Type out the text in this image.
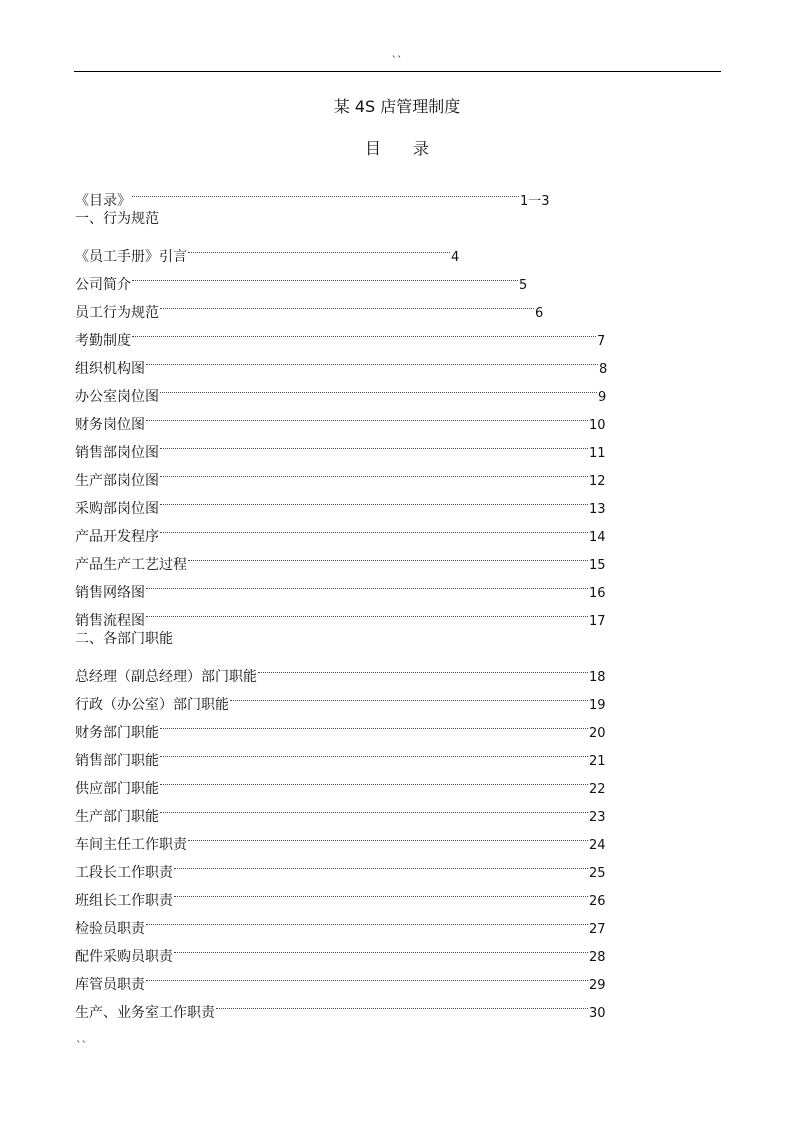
``
某 4S 店管理制度
目 录
《目录》	1一3
一、行为规范
《员工手册》引言	4
公司简介	5
员工行为规范	6
考勤制度	7
组织机构图	8
办公室岗位图	9
财务岗位图	10
销售部岗位图	11
生产部岗位图	12
采购部岗位图	13
产品开发程序	14
产品生产工艺过程	15
销售网络图	16
销售流程图	17
二、各部门职能
总经理（副总经理）部门职能	18
行政（办公室）部门职能	19
财务部门职能	20
销售部门职能	21
供应部门职能	22
生产部门职能	23
车间主任工作职责	24
工段长工作职责	25
班组长工作职责	26
检验员职责	27
配件采购员职责	28
库管员职责	29
生产、业务室工作职责	30
``
